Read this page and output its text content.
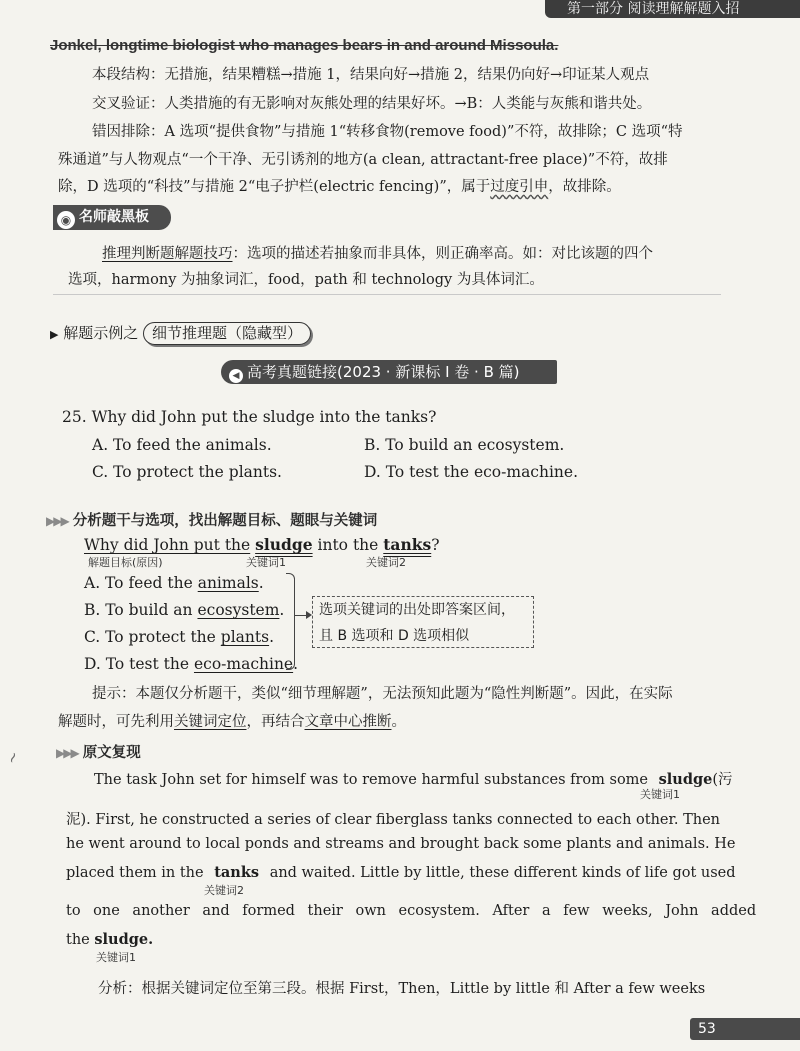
第一部分 阅读理解解题入招
~
Jonkel, longtime biologist who manages bears in and around Missoula.
本段结构：无措施，结果糟糕→措施 1，结果向好→措施 2，结果仍向好→印证某人观点
交叉验证：人类措施的有无影响对灰熊处理的结果好坏。→B：人类能与灰熊和谐共处。
错因排除：A 选项“提供食物”与措施 1“转移食物(remove food)”不符，故排除；C 选项“特
殊通道”与人物观点“一个干净、无引诱剂的地方(a clean, attractant-free place)”不符，故排
除，D 选项的“科技”与措施 2“电子护栏(electric fencing)”，属于过度引申，故排除。
◉ 名师敲黑板
推理判断题解题技巧：选项的描述若抽象而非具体，则正确率高。如：对比该题的四个
选项，harmony 为抽象词汇，food，path 和 technology 为具体词汇。
▶ 解题示例之 细节推理题（隐藏型）
◀ 高考真题链接(2023 · 新课标 Ⅰ 卷 · B 篇)
25. Why did John put the sludge into the tanks?
A. To feed the animals.	B. To build an ecosystem.
C. To protect the plants.	D. To test the eco-machine.
▶▶▶ 分析题干与选项，找出解题目标、题眼与关键词
Why did John put the sludge into the tanks?
解题目标(原因)	关键词1	关键词2
A. To feed the animals.
B. To build an ecosystem.
C. To protect the plants.
D. To test the eco-machine.
选项关键词的出处即答案区间，
且 B 选项和 D 选项相似
提示：本题仅分析题干，类似“细节理解题”，无法预知此题为“隐性判断题”。因此，在实际
解题时，可先利用关键词定位，再结合文章中心推断。
▶▶▶ 原文复现
The task John set for himself was to remove harmful substances from some sludge(污
关键词1
泥). First, he constructed a series of clear fiberglass tanks connected to each other. Then
he went around to local ponds and streams and brought back some plants and animals. He
placed them in the tanks and waited. Little by little, these different kinds of life got used
关键词2
to one another and formed their own ecosystem. After a few weeks, John added
the sludge.
关键词1
分析：根据关键词定位至第三段。根据 First，Then，Little by little 和 After a few weeks
53
